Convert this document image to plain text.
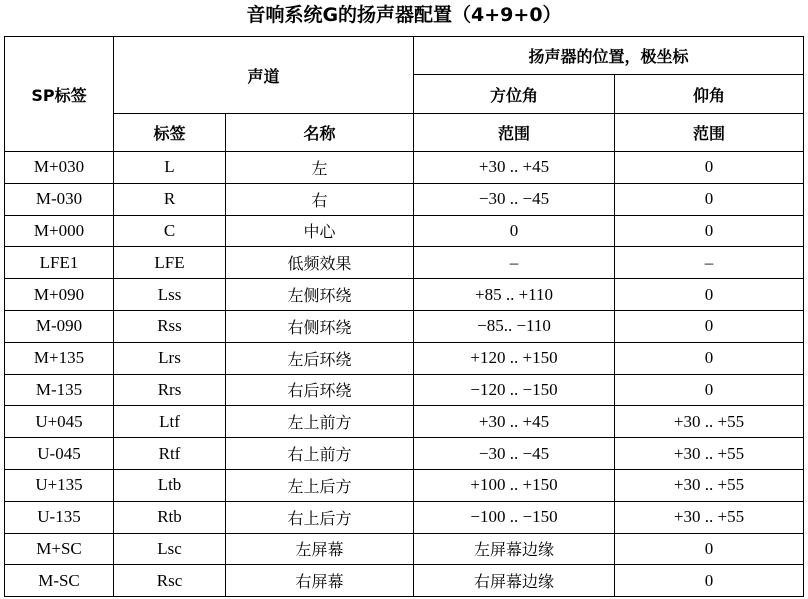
音响系统G的扬声器配置（4+9+0）
SP标签	声道		扬声器的位置，极坐标	
			方位角	仰角
	标签	名称	范围	范围
M+030	L	左	+30 .. +45	0
M-030	R	右	−30 .. −45	0
M+000	C	中心	0	0
LFE1	LFE	低频效果	–	–
M+090	Lss	左侧环绕	+85 .. +110	0
M-090	Rss	右侧环绕	−85.. −110	0
M+135	Lrs	左后环绕	+120 .. +150	0
M-135	Rrs	右后环绕	−120 .. −150	0
U+045	Ltf	左上前方	+30 .. +45	+30 .. +55
U-045	Rtf	右上前方	−30 .. −45	+30 .. +55
U+135	Ltb	左上后方	+100 .. +150	+30 .. +55
U-135	Rtb	右上后方	−100 .. −150	+30 .. +55
M+SC	Lsc	左屏幕	左屏幕边缘	0
M-SC	Rsc	右屏幕	右屏幕边缘	0
